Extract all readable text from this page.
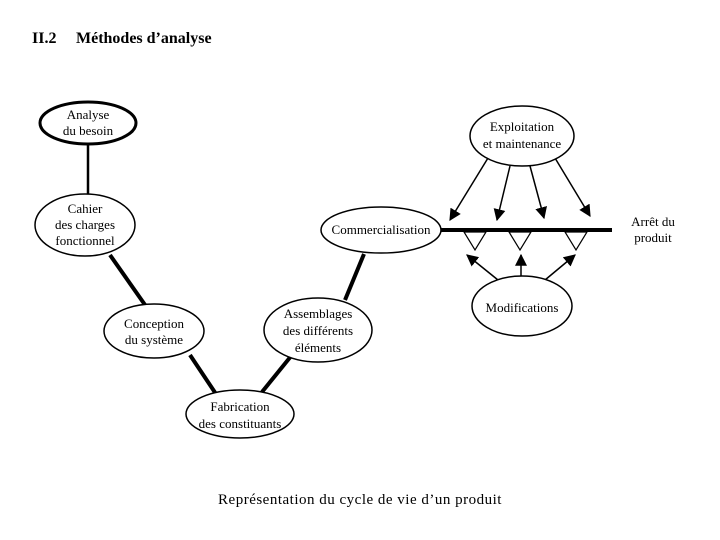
II.2 Méthodes d’analyse
Analyse
du besoin
Cahier
des charges
fonctionnel
Conception
du système
Fabrication
des constituants
Assemblages
des différents
éléments
Commercialisation
Exploitation
et maintenance
Modifications
Arrêt du
produit
Représentation du cycle de vie d’un produit
